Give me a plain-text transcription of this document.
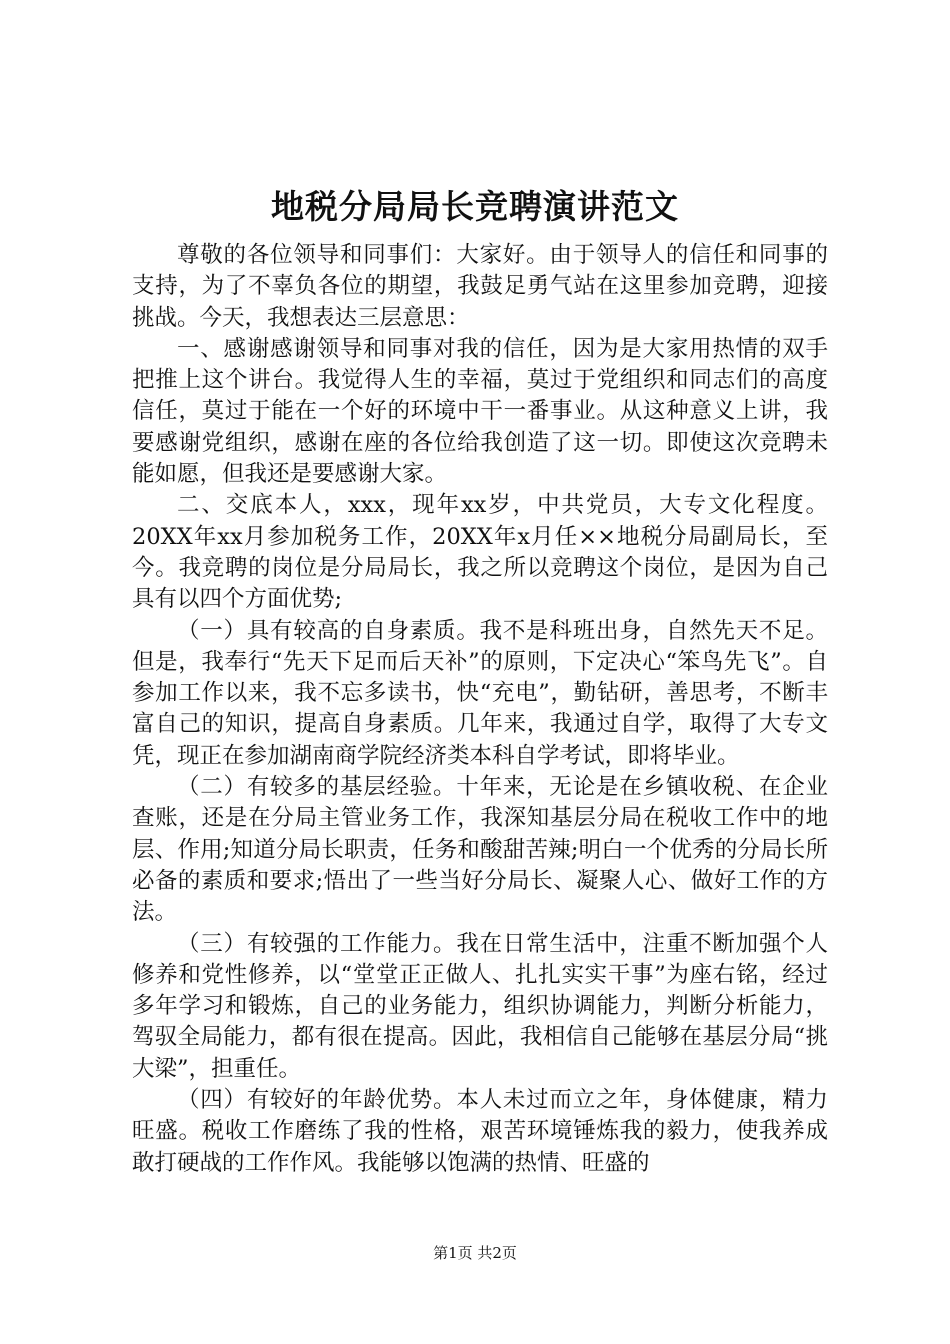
地税分局局长竞聘演讲范文

尊敬的各位领导和同事们：大家好。由于领导人的信任和同事的支持，为了不辜负各位的期望，我鼓足勇气站在这里参加竞聘，迎接挑战。今天，我想表达三层意思：

一、感谢感谢领导和同事对我的信任，因为是大家用热情的双手把推上这个讲台。我觉得人生的幸福，莫过于党组织和同志们的高度信任，莫过于能在一个好的环境中干一番事业。从这种意义上讲，我要感谢党组织，感谢在座的各位给我创造了这一切。即使这次竞聘未能如愿，但我还是要感谢大家。

二、交底本人，xxx，现年xx岁，中共党员，大专文化程度。20XX年xx月参加税务工作，20XX年x月任××地税分局副局长，至今。我竞聘的岗位是分局局长，我之所以竞聘这个岗位，是因为自己具有以四个方面优势;

（一）具有较高的自身素质。我不是科班出身，自然先天不足。但是，我奉行“先天下足而后天补”的原则，下定决心“笨鸟先飞”。自参加工作以来，我不忘多读书，快“充电”，勤钻研，善思考，不断丰富自己的知识，提高自身素质。几年来，我通过自学，取得了大专文凭，现正在参加湖南商学院经济类本科自学考试，即将毕业。

（二）有较多的基层经验。十年来，无论是在乡镇收税、在企业查账，还是在分局主管业务工作，我深知基层分局在税收工作中的地层、作用;知道分局长职责，任务和酸甜苦辣;明白一个优秀的分局长所必备的素质和要求;悟出了一些当好分局长、凝聚人心、做好工作的方法。

（三）有较强的工作能力。我在日常生活中，注重不断加强个人修养和党性修养，以“堂堂正正做人、扎扎实实干事”为座右铭，经过多年学习和锻炼，自己的业务能力，组织协调能力，判断分析能力，驾驭全局能力，都有很在提高。因此，我相信自己能够在基层分局“挑大梁”，担重任。

（四）有较好的年龄优势。本人未过而立之年，身体健康，精力旺盛。税收工作磨练了我的性格，艰苦环境锤炼我的毅力，使我养成敢打硬战的工作作风。我能够以饱满的热情、旺盛的

第1页 共2页
